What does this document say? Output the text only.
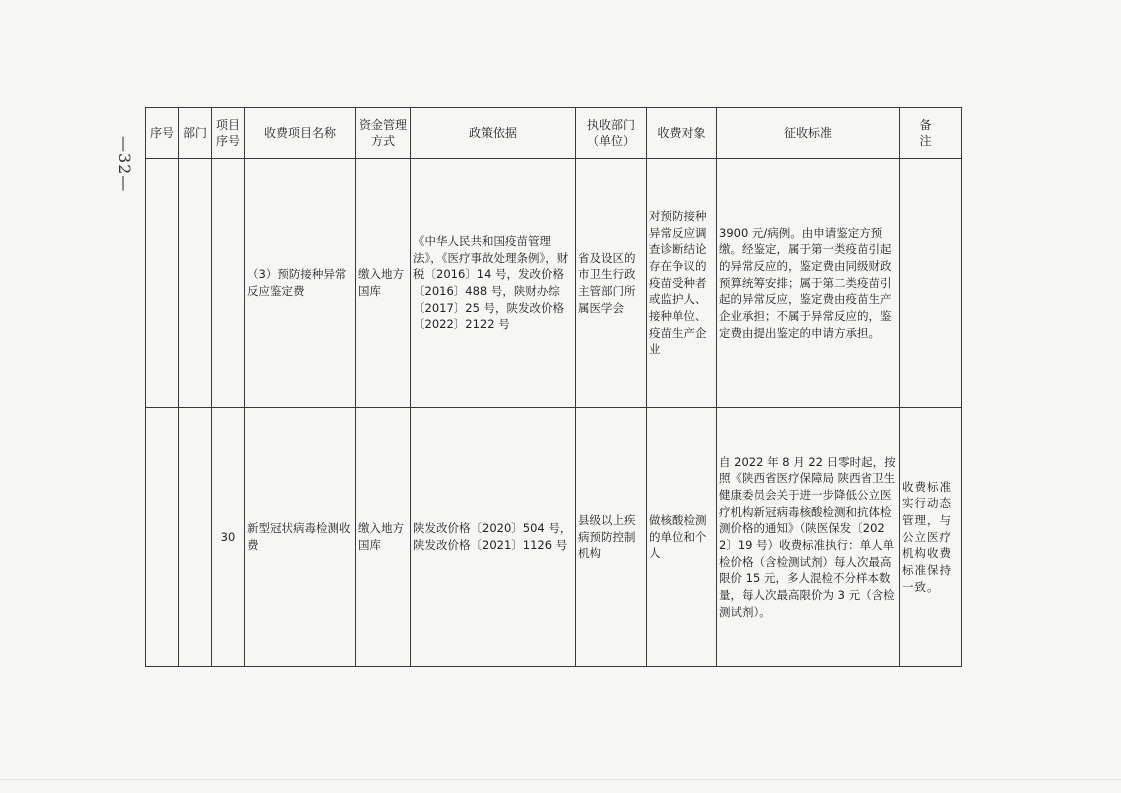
—32—
序号	部门	项目序号	收费项目名称	资金管理方式	政策依据	执收部门（单位）	收费对象	征收标准	备 注
			（3）预防接种异常反应鉴定费	缴入地方国库	《中华人民共和国疫苗管理法》，《医疗事故处理条例》，财税〔2016〕14 号，发改价格〔2016〕488 号，陕财办综〔2017〕25 号，陕发改价格〔2022〕2122 号	省及设区的市卫生行政主管部门所属医学会	对预防接种异常反应调查诊断结论存在争议的疫苗受种者或监护人、接种单位、疫苗生产企业	3900 元/病例。由申请鉴定方预缴。经鉴定，属于第一类疫苗引起的异常反应的，鉴定费由同级财政预算统筹安排；属于第二类疫苗引起的异常反应，鉴定费由疫苗生产企业承担；不属于异常反应的，鉴定费由提出鉴定的申请方承担。	
		30	新型冠状病毒检测收费	缴入地方国库	陕发改价格〔2020〕504 号，陕发改价格〔2021〕1126 号	县级以上疾病预防控制机构	做核酸检测的单位和个人	自 2022 年 8 月 22 日零时起，按照《陕西省医疗保障局 陕西省卫生健康委员会关于进一步降低公立医疗机构新冠病毒核酸检测和抗体检测价格的通知》（陕医保发〔2022〕19 号）收费标准执行：单人单检价格（含检测试剂）每人次最高限价 15 元，多人混检不分样本数量，每人次最高限价为 3 元（含检测试剂）。	收费标准实行动态管理，与公立医疗机构收费标准保持一致。
